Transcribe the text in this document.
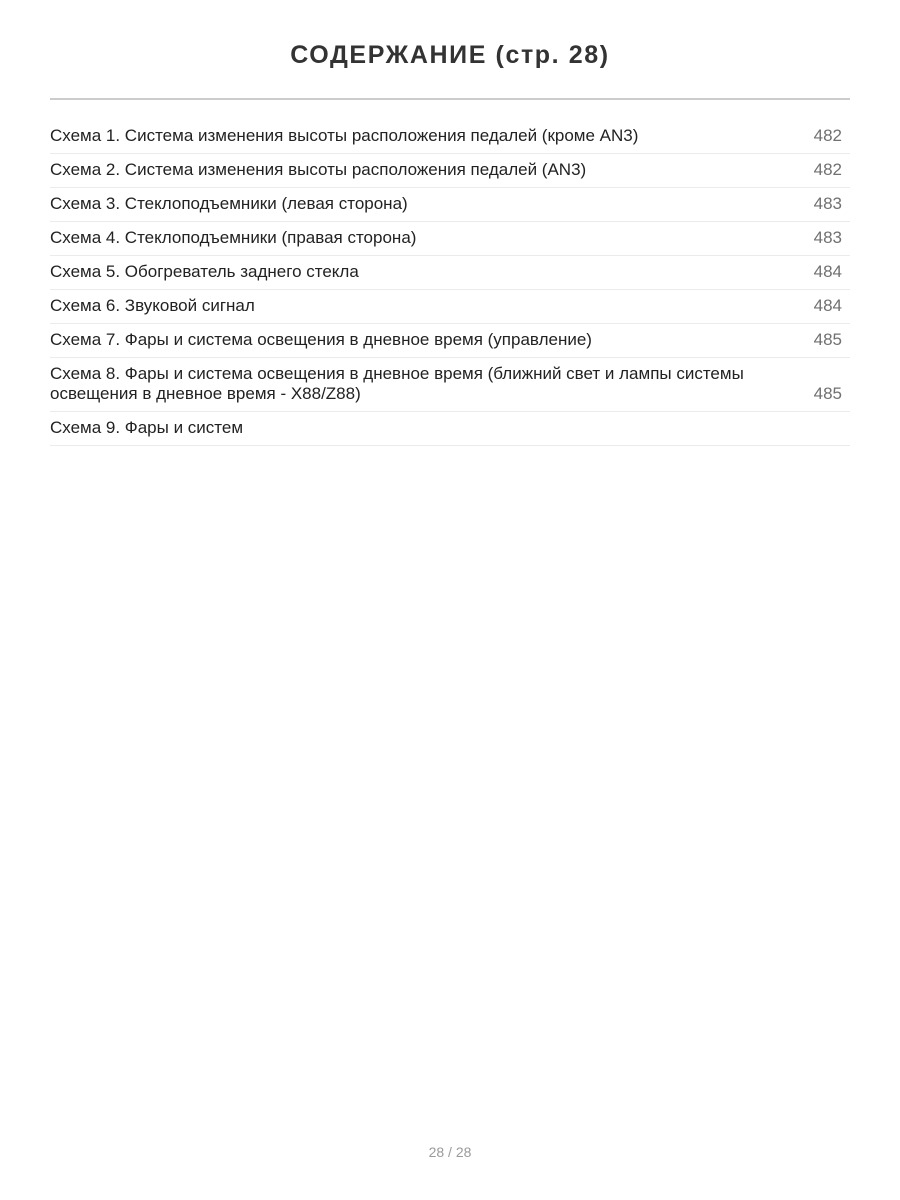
СОДЕРЖАНИЕ (стр. 28)
Схема 1. Система изменения высоты расположения педалей (кроме AN3)	482
Схема 2. Система изменения высоты расположения педалей (AN3)	482
Схема 3. Стеклоподъемники (левая сторона)	483
Схема 4. Стеклоподъемники (правая сторона)	483
Схема 5. Обогреватель заднего стекла	484
Схема 6. Звуковой сигнал	484
Схема 7. Фары и система освещения в дневное время (управление)	485
Схема 8. Фары и система освещения в дневное время (ближний свет и лампы системы освещения в дневное время - X88/Z88)	485
Схема 9. Фары и систем
28 / 28
